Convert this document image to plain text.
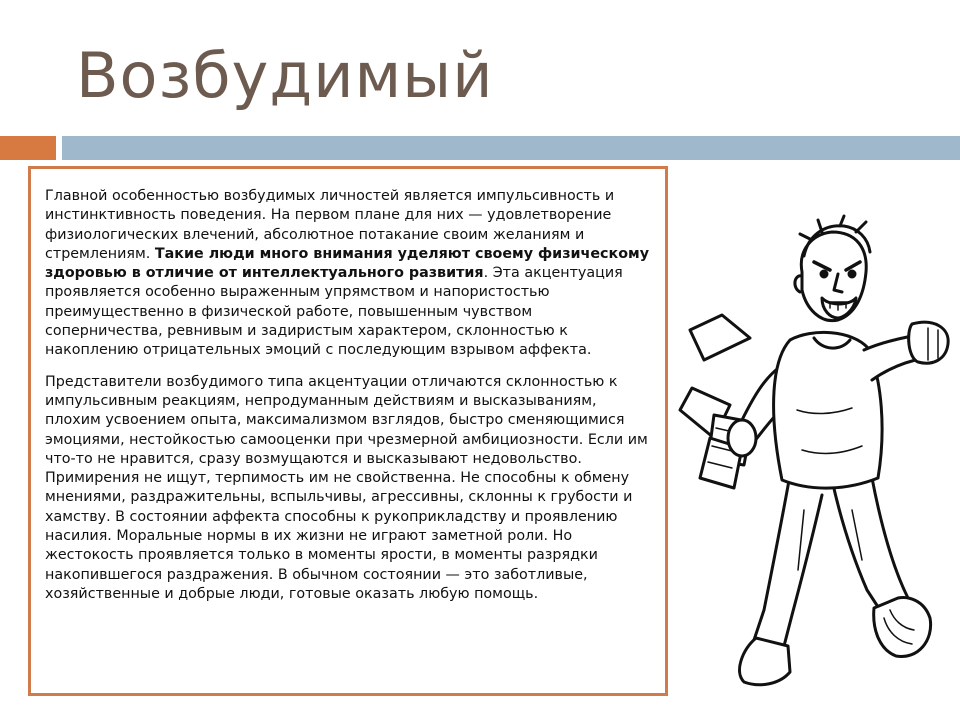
Возбудимый

Главной особенностью возбудимых личностей является импульсивность и инстинктивность поведения. На первом плане для них — удовлетворение физиологических влечений, абсолютное потакание своим желаниям и стремлениям. Такие люди много внимания уделяют своему физическому здоровью в отличие от интеллектуального развития. Эта акцентуация проявляется особенно выраженным упрямством и напористостью преимущественно в физической работе, повышенным чувством соперничества, ревнивым и задиристым характером, склонностью к накоплению отрицательных эмоций с последующим взрывом аффекта.

Представители возбудимого типа акцентуации отличаются склонностью к импульсивным реакциям, непродуманным действиям и высказываниям, плохим усвоением опыта, максимализмом взглядов, быстро сменяющимися эмоциями, нестойкостью самооценки при чрезмерной амбициозности. Если им что-то не нравится, сразу возмущаются и высказывают недовольство. Примирения не ищут, терпимость им не свойственна. Не способны к обмену мнениями, раздражительны, вспыльчивы, агрессивны, склонны к грубости и хамству. В состоянии аффекта способны к рукоприкладству и проявлению насилия. Моральные нормы в их жизни не играют заметной роли. Но жестокость проявляется только в моменты ярости, в моменты разрядки накопившегося раздражения. В обычном состоянии — это заботливые, хозяйственные и добрые люди, готовые оказать любую помощь.
